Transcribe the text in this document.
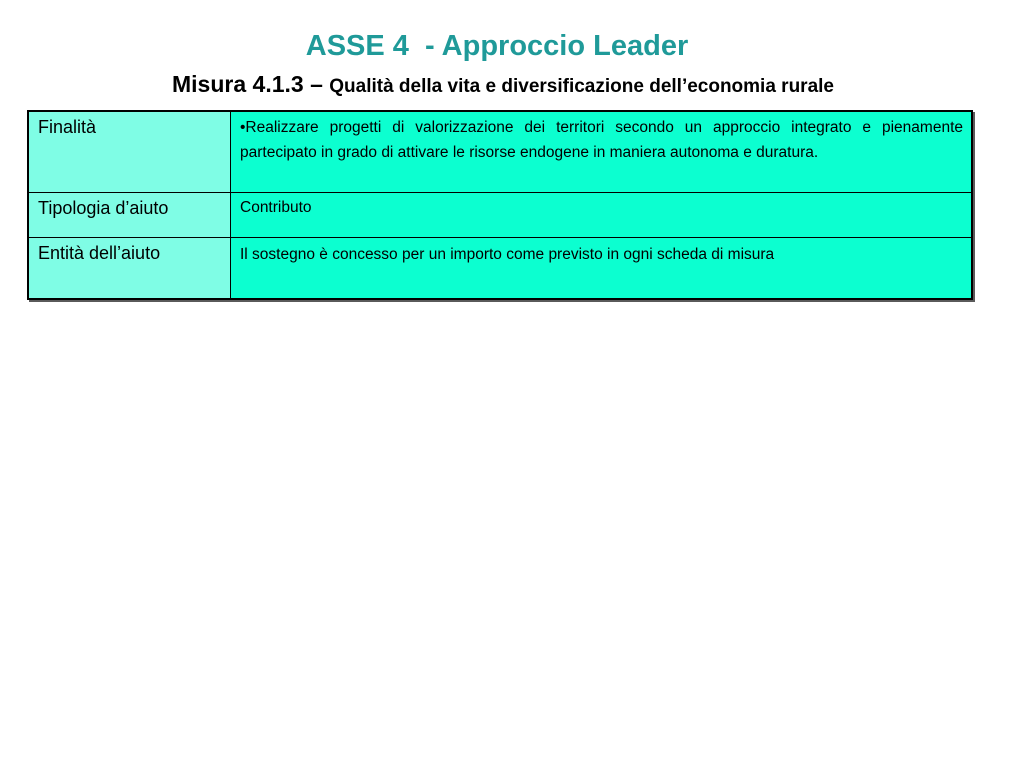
ASSE 4  - Approccio Leader
Misura 4.1.3 – Qualità della vita e diversificazione dell’economia rurale
Finalità	•Realizzare progetti di valorizzazione dei territori secondo un approccio integrato e pienamente partecipato in grado di attivare le risorse endogene in maniera autonoma e duratura.
Tipologia d’aiuto	Contributo
Entità dell’aiuto	Il sostegno è concesso per un importo come previsto in ogni scheda di misura
